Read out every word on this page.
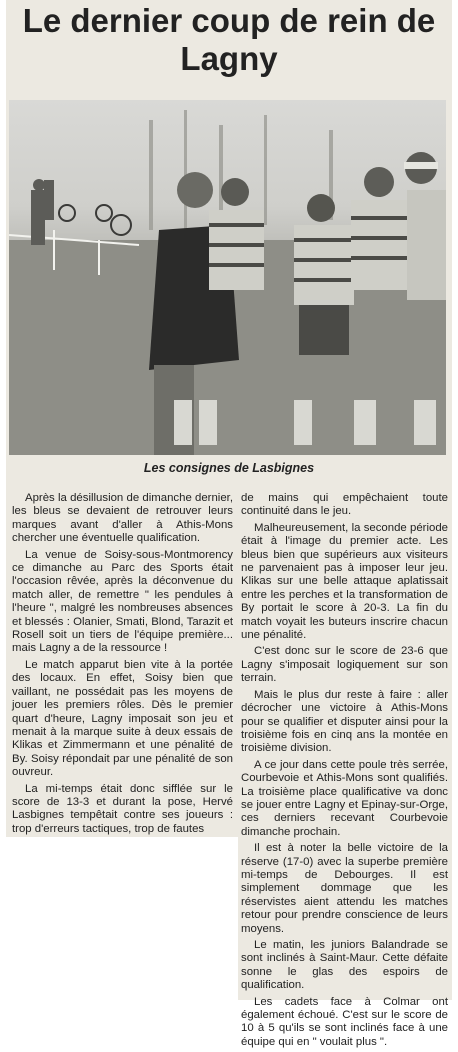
Le dernier coup de rein de Lagny
Les consignes de Lasbignes

Après la désillusion de dimanche dernier, les bleus se devaient de retrouver leurs marques avant d'aller à Athis-Mons chercher une éventuelle qualification.

La venue de Soisy-sous-Montmorency ce dimanche au Parc des Sports était l'occasion rêvée, après la déconvenue du match aller, de remettre " les pendules à l'heure ", malgré les nombreuses absences et blessés : Olanier, Smati, Blond, Tarazit et Rosell soit un tiers de l'équipe première... mais Lagny a de la ressource !

Le match apparut bien vite à la portée des locaux. En effet, Soisy bien que vaillant, ne possédait pas les moyens de jouer les premiers rôles. Dès le premier quart d'heure, Lagny imposait son jeu et menait à la marque suite à deux essais de Klikas et Zimmermann et une pénalité de By. Soisy répondait par une pénalité de son ouvreur.

La mi-temps était donc sifflée sur le score de 13-3 et durant la pose, Hervé Lasbignes tempêtait contre ses joueurs : trop d'erreurs tactiques, trop de fautes

de mains qui empêchaient toute continuité dans le jeu.

Malheureusement, la seconde période était à l'image du premier acte. Les bleus bien que supérieurs aux visiteurs ne parvenaient pas à imposer leur jeu. Klikas sur une belle attaque aplatissait entre les perches et la transformation de By portait le score à 20-3. La fin du match voyait les buteurs inscrire chacun une pénalité.

C'est donc sur le score de 23-6 que Lagny s'imposait logiquement sur son terrain.

Mais le plus dur reste à faire : aller décrocher une victoire à Athis-Mons pour se qualifier et disputer ainsi pour la troisième fois en cinq ans la montée en troisième division.

A ce jour dans cette poule très serrée, Courbevoie et Athis-Mons sont qualifiés. La troisième place qualificative va donc se jouer entre Lagny et Epinay-sur-Orge, ces derniers recevant Courbevoie dimanche prochain.

Il est à noter la belle victoire de la réserve (17-0) avec la superbe première mi-temps de Debourges. Il est simplement dommage que les réservistes aient attendu les matches retour pour prendre conscience de leurs moyens.

Le matin, les juniors Balandrade se sont inclinés à Saint-Maur. Cette défaite sonne le glas des espoirs de qualification.

Les cadets face à Colmar ont également échoué. C'est sur le score de 10 à 5 qu'ils se sont inclinés face à une équipe qui en " voulait plus ".
